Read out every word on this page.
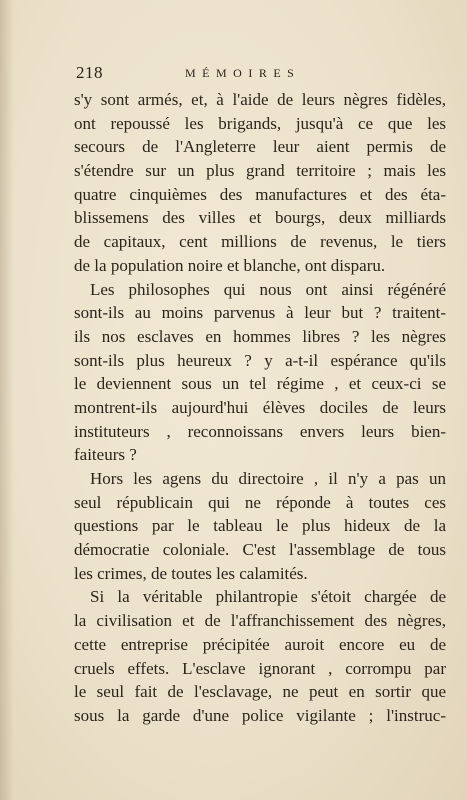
218	MÉMOIRES
s'y sont armés, et, à l'aide de leurs nègres fidèles,
ont repoussé les brigands, jusqu'à ce que les
secours de l'Angleterre leur aient permis de
s'étendre sur un plus grand territoire ; mais les
quatre cinquièmes des manufactures et des éta-
blissemens des villes et bourgs, deux milliards
de capitaux, cent millions de revenus, le tiers
de la population noire et blanche, ont disparu.
Les philosophes qui nous ont ainsi régénéré
sont-ils au moins parvenus à leur but ? traitent-
ils nos esclaves en hommes libres ? les nègres
sont-ils plus heureux ? y a-t-il espérance qu'ils
le deviennent sous un tel régime , et ceux-ci se
montrent-ils aujourd'hui élèves dociles de leurs
instituteurs , reconnoissans envers leurs bien-
faiteurs ?
Hors les agens du directoire , il n'y a pas un
seul républicain qui ne réponde à toutes ces
questions par le tableau le plus hideux de la
démocratie coloniale. C'est l'assemblage de tous
les crimes, de toutes les calamités.
Si la véritable philantropie s'étoit chargée de
la civilisation et de l'affranchissement des nègres,
cette entreprise précipitée auroit encore eu de
cruels effets. L'esclave ignorant , corrompu par
le seul fait de l'esclavage, ne peut en sortir que
sous la garde d'une police vigilante ; l'instruc-
